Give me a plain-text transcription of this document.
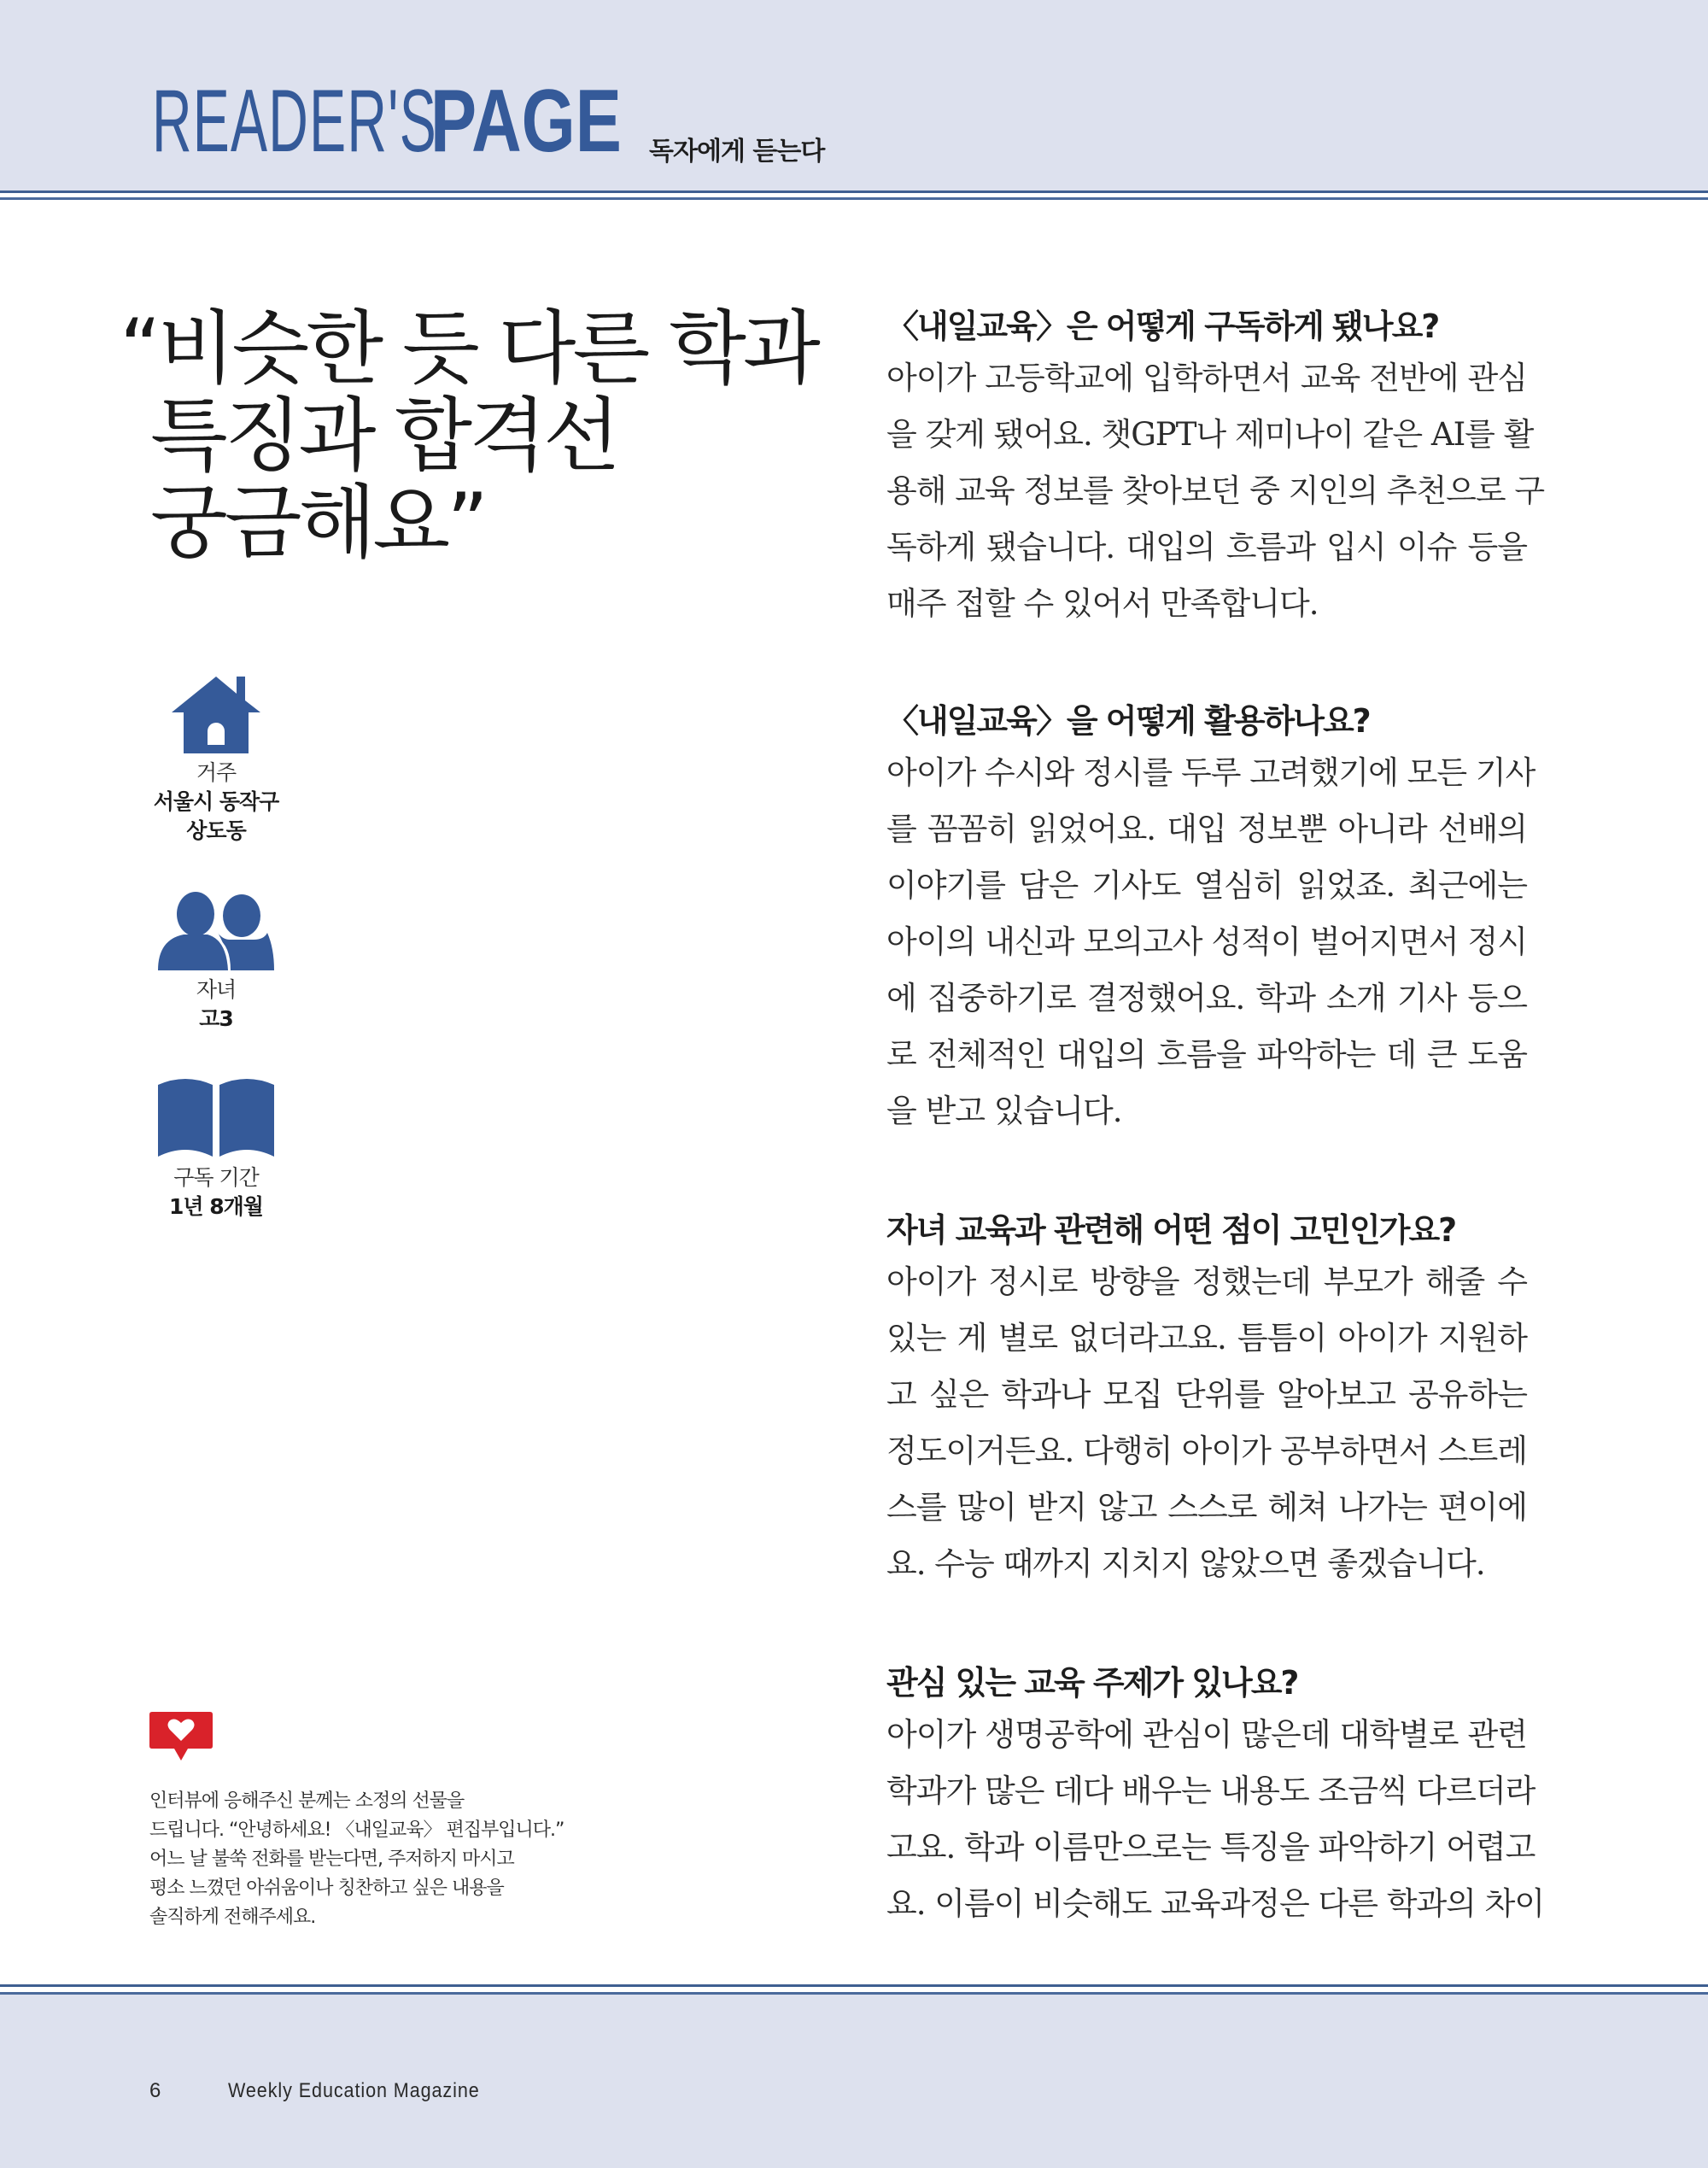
READER'S
PAGE 독자에게 듣는다
“비슷한 듯 다른 학과
특징과 합격선
궁금해요”
거주
서울시 동작구
상도동
자녀
고3
구독 기간
1년 8개월
인터뷰에 응해주신 분께는 소정의 선물을
드립니다. “안녕하세요! 〈내일교육〉 편집부입니다.”
어느 날 불쑥 전화를 받는다면, 주저하지 마시고
평소 느꼈던 아쉬움이나 칭찬하고 싶은 내용을
솔직하게 전해주세요.
〈내일교육〉은 어떻게 구독하게 됐나요?
아이가 고등학교에 입학하면서 교육 전반에 관심
을 갖게 됐어요. 챗GPT나 제미나이 같은 AI를 활
용해 교육 정보를 찾아보던 중 지인의 추천으로 구
독하게 됐습니다. 대입의 흐름과 입시 이슈 등을
매주 접할 수 있어서 만족합니다.
〈내일교육〉을 어떻게 활용하나요?
아이가 수시와 정시를 두루 고려했기에 모든 기사
를 꼼꼼히 읽었어요. 대입 정보뿐 아니라 선배의
이야기를 담은 기사도 열심히 읽었죠. 최근에는
아이의 내신과 모의고사 성적이 벌어지면서 정시
에 집중하기로 결정했어요. 학과 소개 기사 등으
로 전체적인 대입의 흐름을 파악하는 데 큰 도움
을 받고 있습니다.
자녀 교육과 관련해 어떤 점이 고민인가요?
아이가 정시로 방향을 정했는데 부모가 해줄 수
있는 게 별로 없더라고요. 틈틈이 아이가 지원하
고 싶은 학과나 모집 단위를 알아보고 공유하는
정도이거든요. 다행히 아이가 공부하면서 스트레
스를 많이 받지 않고 스스로 헤쳐 나가는 편이에
요. 수능 때까지 지치지 않았으면 좋겠습니다.
관심 있는 교육 주제가 있나요?
아이가 생명공학에 관심이 많은데 대학별로 관련
학과가 많은 데다 배우는 내용도 조금씩 다르더라
고요. 학과 이름만으로는 특징을 파악하기 어렵고
요. 이름이 비슷해도 교육과정은 다른 학과의 차이
6	Weekly Education Magazine
